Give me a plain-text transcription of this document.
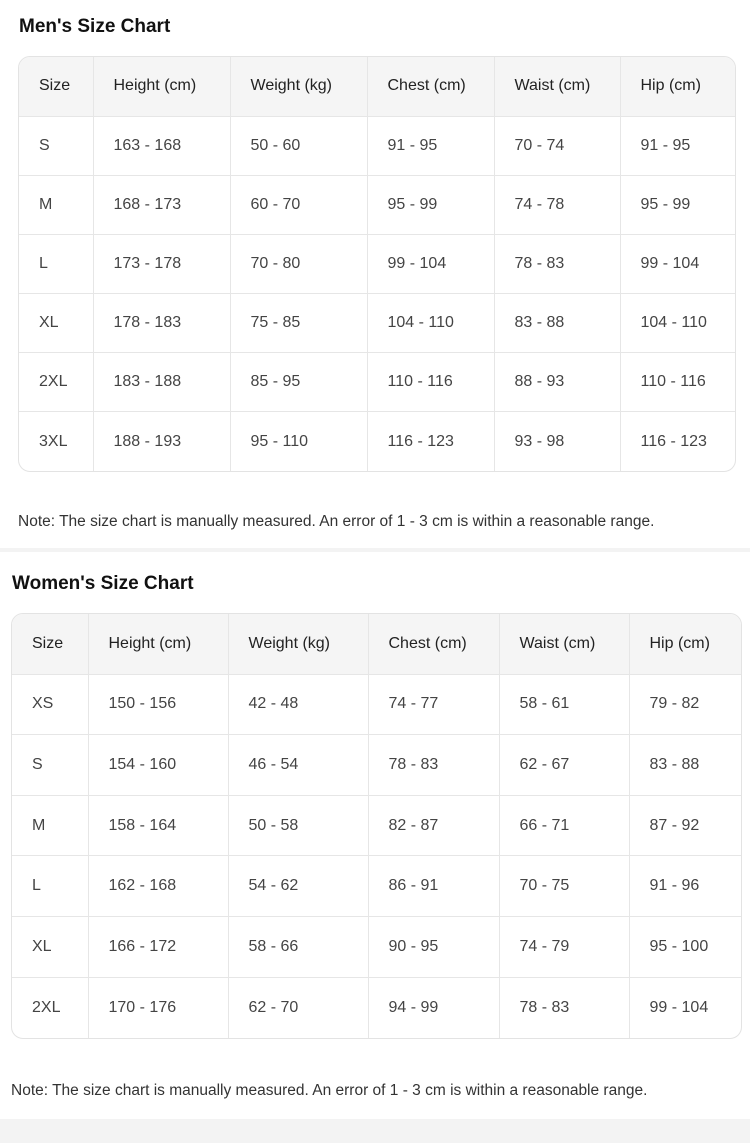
Men's Size Chart
Size	Height (cm)	Weight (kg)	Chest (cm)	Waist (cm)	Hip (cm)
S	163 - 168	50 - 60	91 - 95	70 - 74	91 - 95
M	168 - 173	60 - 70	95 - 99	74 - 78	95 - 99
L	173 - 178	70 - 80	99 - 104	78 - 83	99 - 104
XL	178 - 183	75 - 85	104 - 110	83 - 88	104 - 110
2XL	183 - 188	85 - 95	110 - 116	88 - 93	110 - 116
3XL	188 - 193	95 - 110	116 - 123	93 - 98	116 - 123
Note: The size chart is manually measured. An error of 1 - 3 cm is within a reasonable range.
Women's Size Chart
Size	Height (cm)	Weight (kg)	Chest (cm)	Waist (cm)	Hip (cm)
XS	150 - 156	42 - 48	74 - 77	58 - 61	79 - 82
S	154 - 160	46 - 54	78 - 83	62 - 67	83 - 88
M	158 - 164	50 - 58	82 - 87	66 - 71	87 - 92
L	162 - 168	54 - 62	86 - 91	70 - 75	91 - 96
XL	166 - 172	58 - 66	90 - 95	74 - 79	95 - 100
2XL	170 - 176	62 - 70	94 - 99	78 - 83	99 - 104
Note: The size chart is manually measured. An error of 1 - 3 cm is within a reasonable range.
